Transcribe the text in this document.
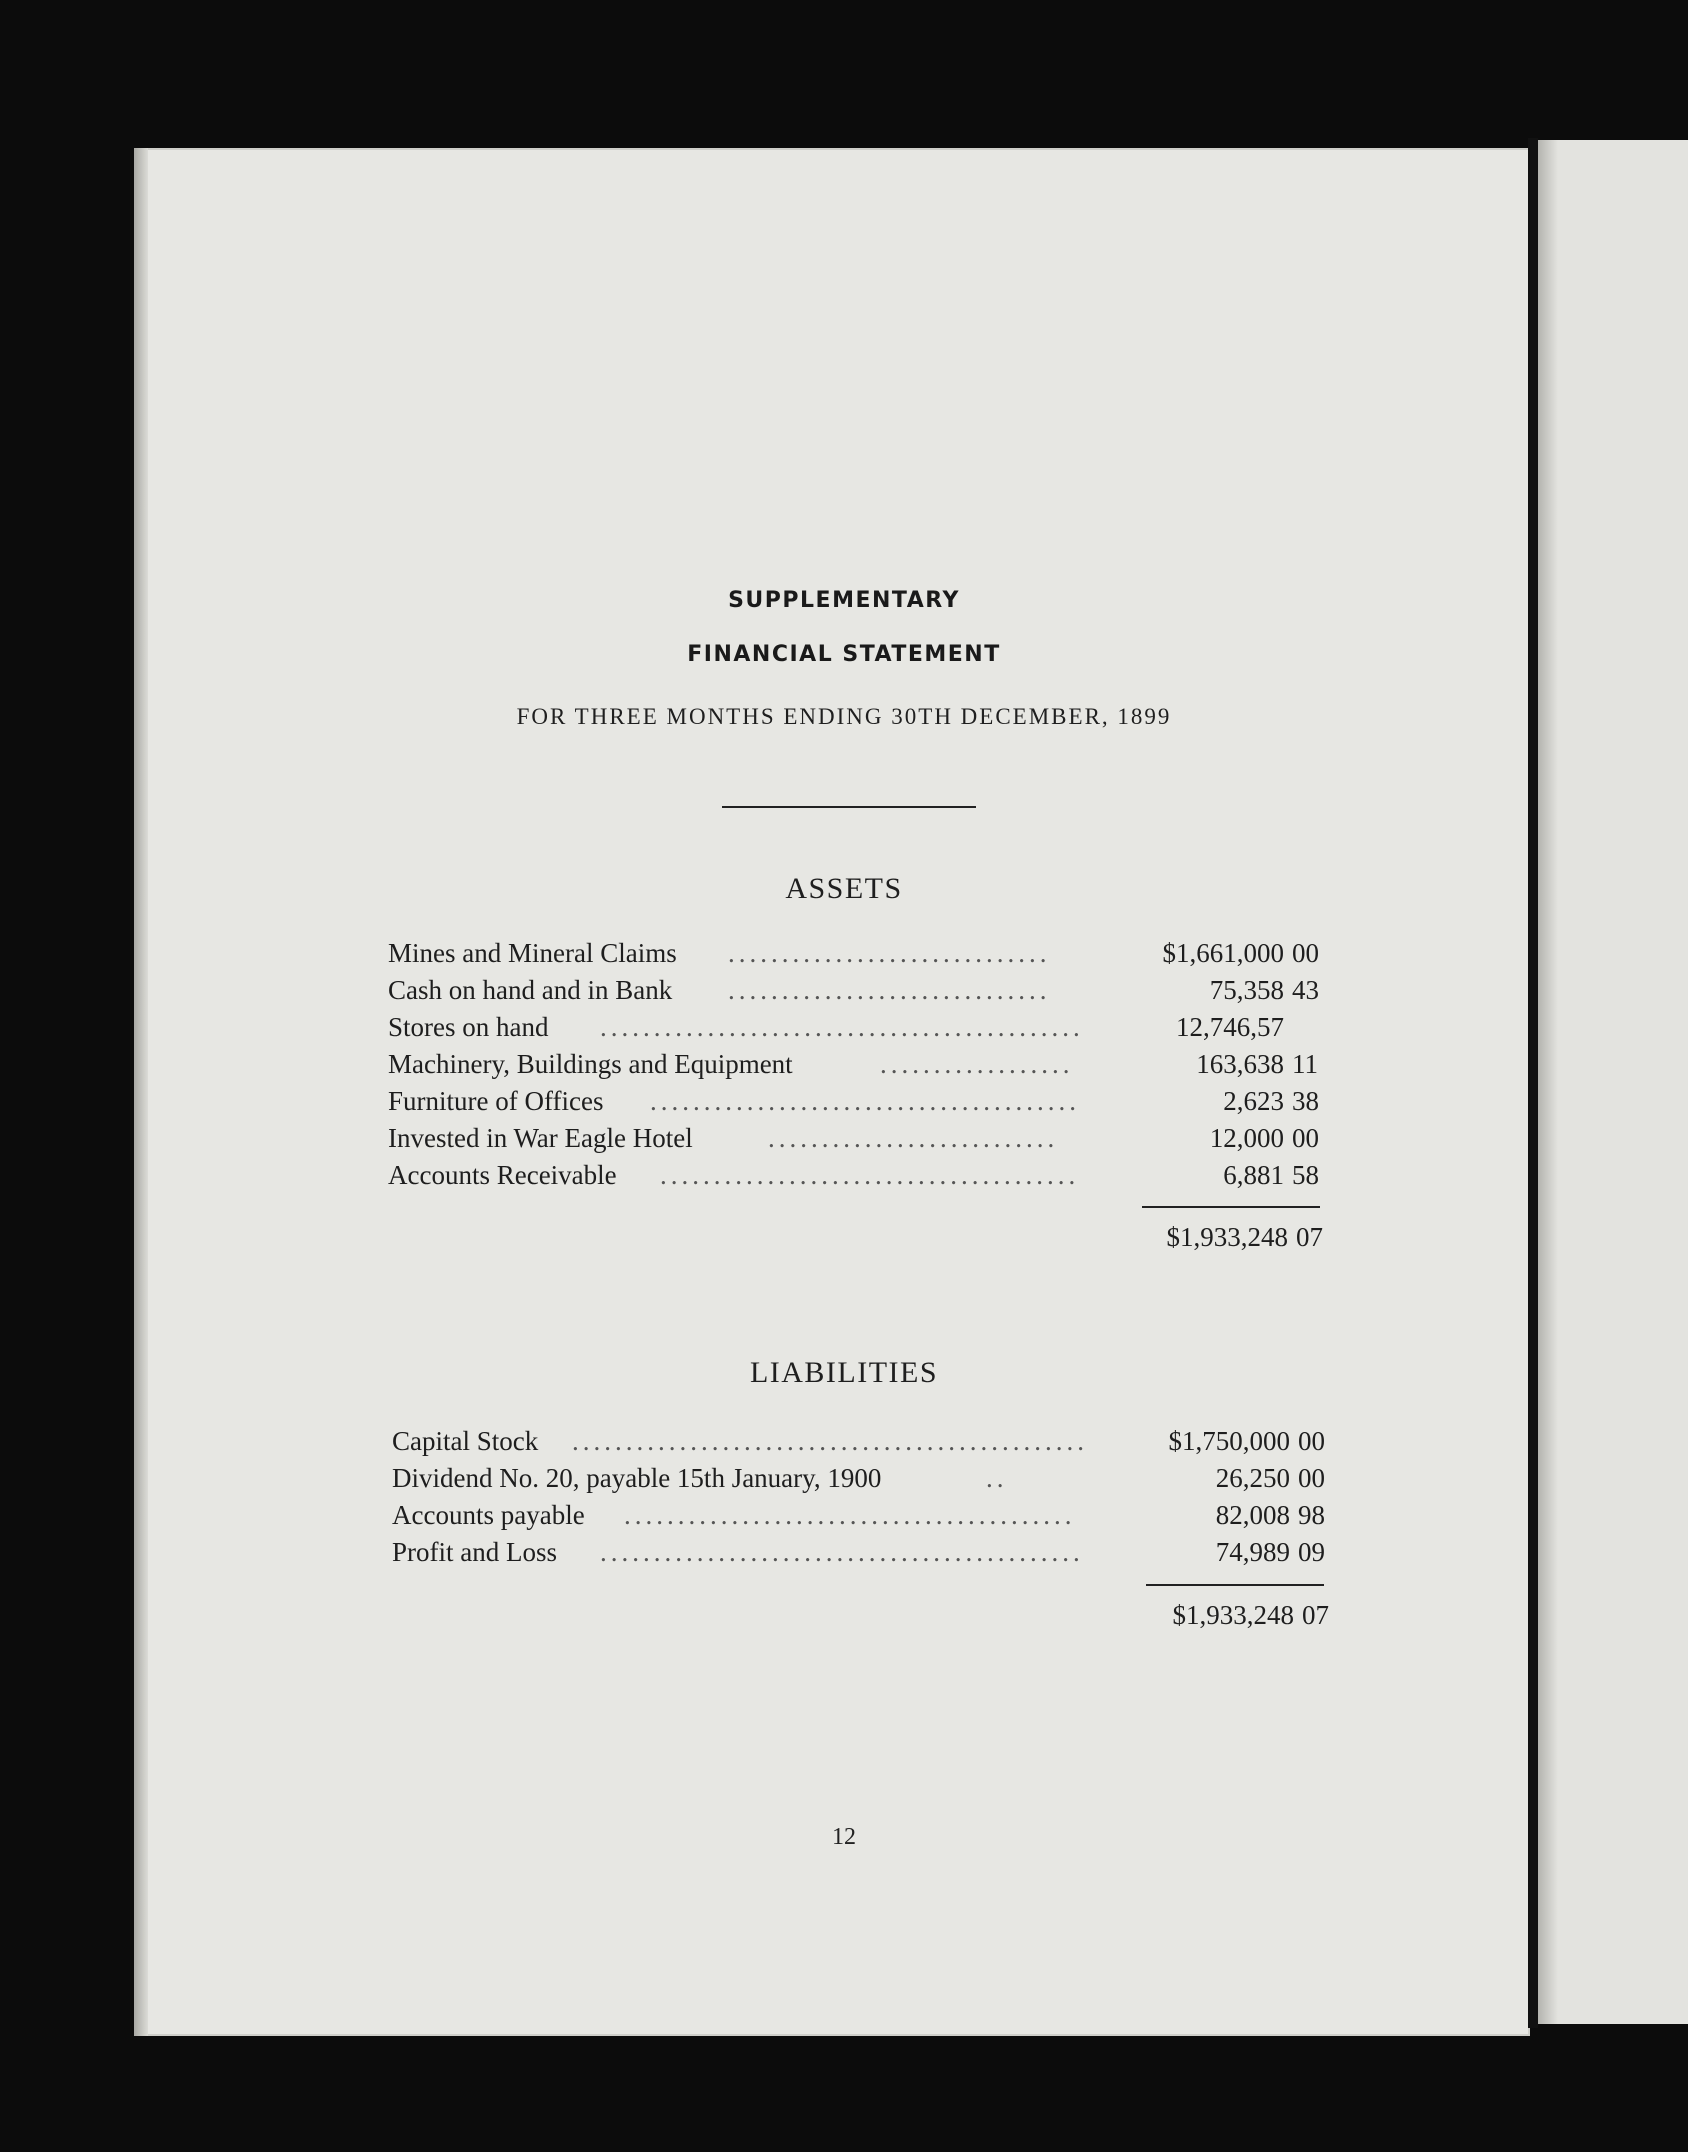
SUPPLEMENTARY
FINANCIAL STATEMENT
FOR THREE MONTHS ENDING 30TH DECEMBER, 1899
ASSETS
Mines and Mineral Claims ..............................	$1,661,000 00
Cash on hand and in Bank ..............................	75,358 43
Stores on hand .............................................	12,746,57
Machinery, Buildings and Equipment	..................	163,638 11
Furniture of Offices ........................................	2,623 38
Invested in War Eagle Hotel	...........................	12,000 00
Accounts Receivable .......................................	6,881 58
$1,933,248 07
LIABILITIES
Capital Stock ................................................	$1,750,000 00
Dividend No. 20, payable 15th January, 1900	..	26,250 00
Accounts payable ..........................................	82,008 98
Profit and Loss .............................................	74,989 09
$1,933,248 07
12
